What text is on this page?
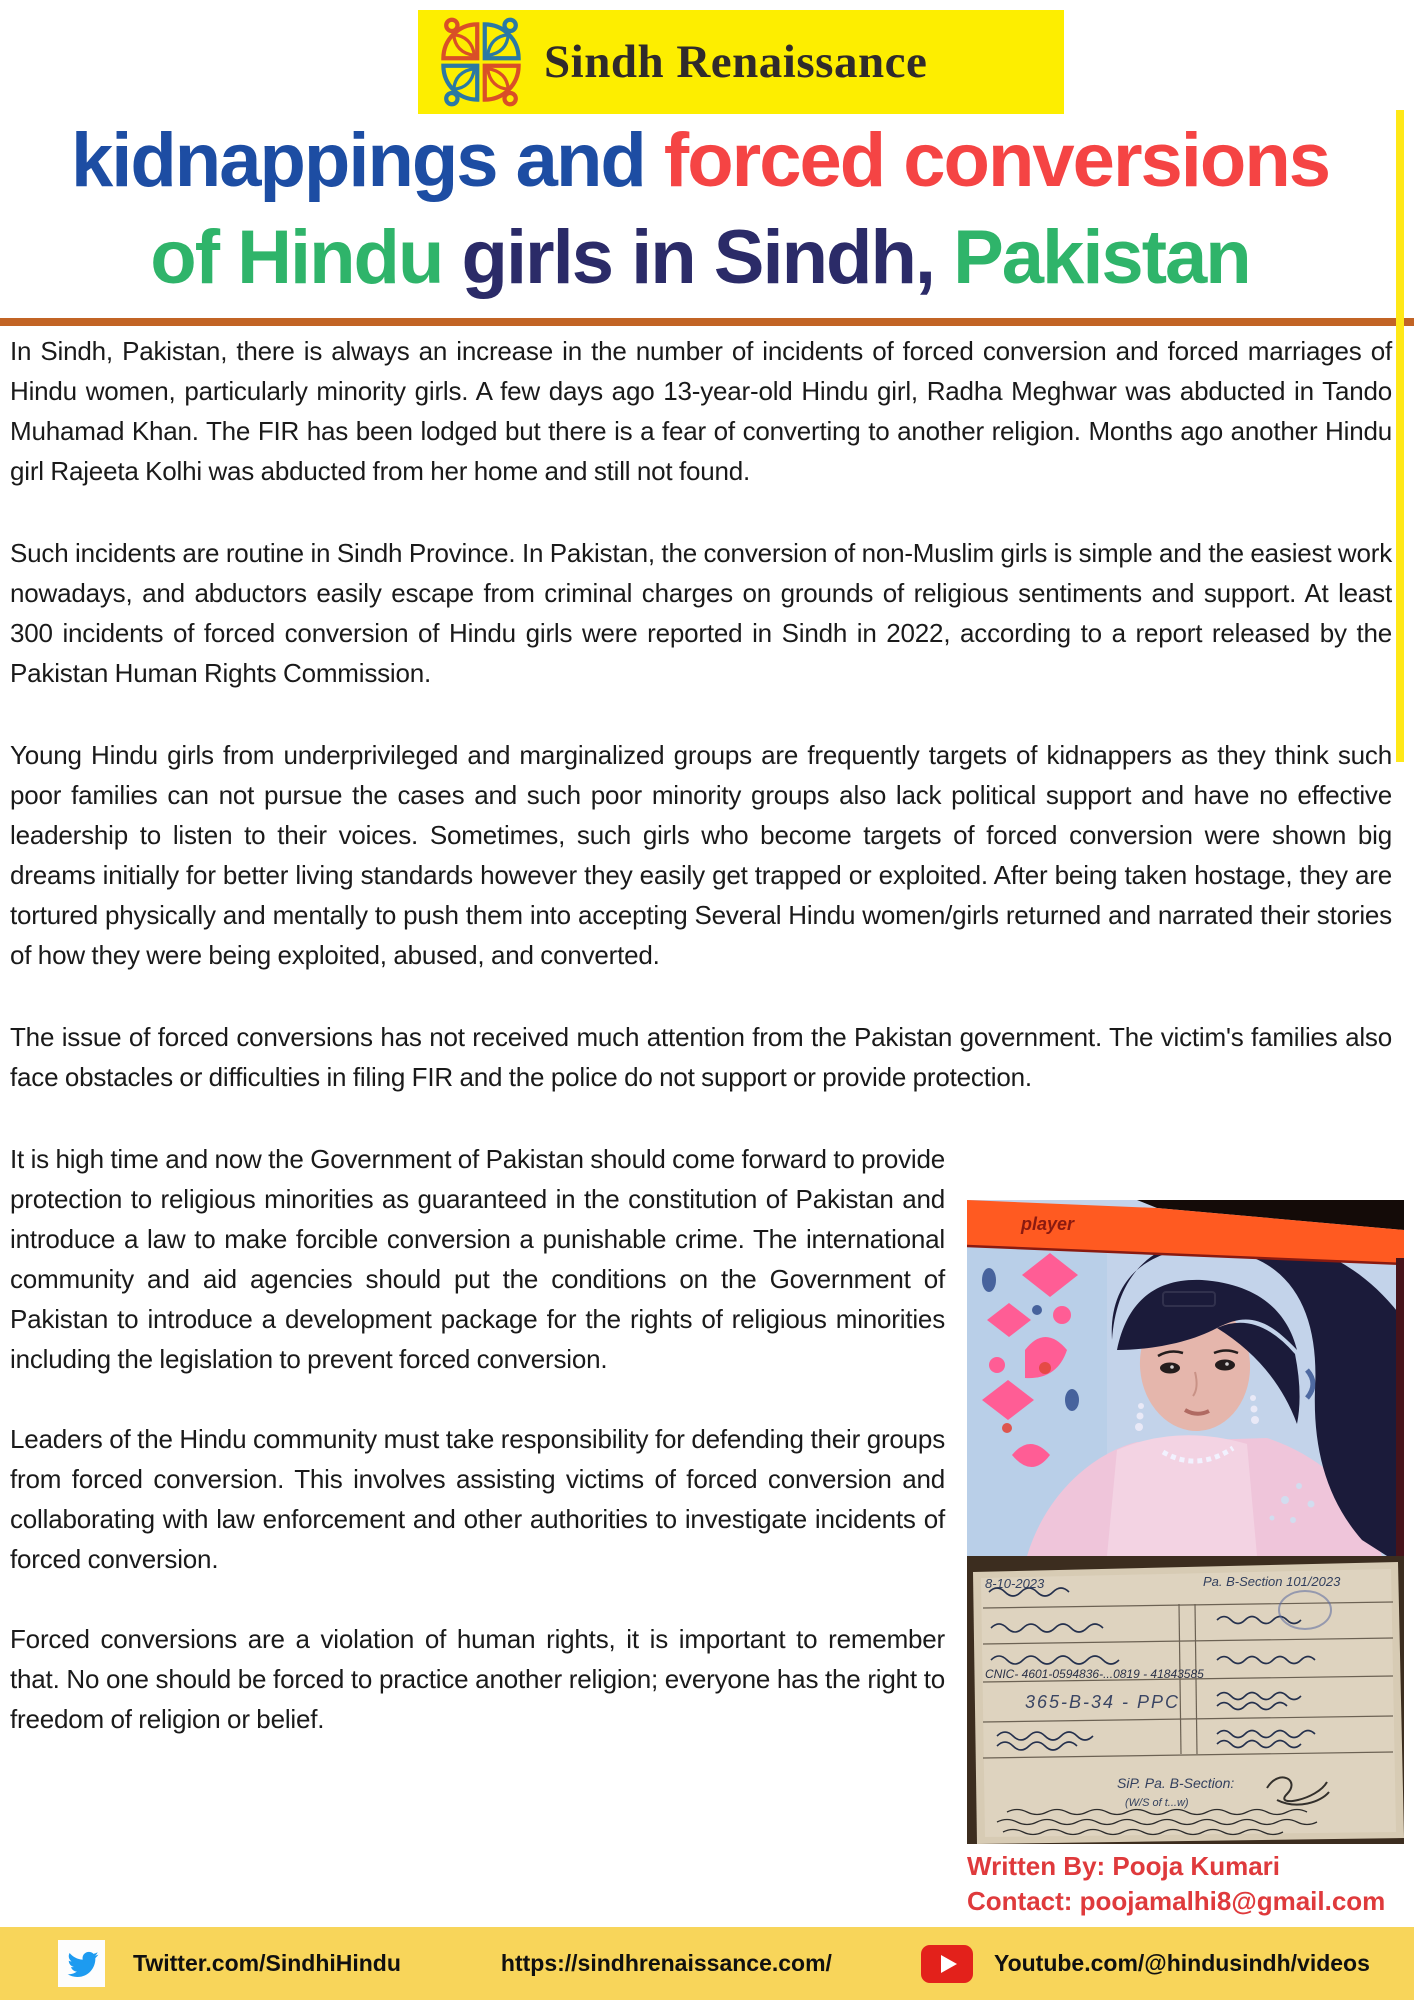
Sindh Renaissance
kidnappings and forced conversions
of Hindu girls in Sindh, Pakistan

In Sindh, Pakistan, there is always an increase in the number of incidents of forced conversion and forced marriages of Hindu women, particularly minority girls. A few days ago 13-year-old Hindu girl, Radha Meghwar was abducted in Tando Muhamad Khan. The FIR has been lodged but there is a fear of converting to another religion. Months ago another Hindu girl Rajeeta Kolhi was abducted from her home and still not found.

Such incidents are routine in Sindh Province. In Pakistan, the conversion of non-Muslim girls is simple and the easiest work nowadays, and abductors easily escape from criminal charges on grounds of religious sentiments and support. At least 300 incidents of forced conversion of Hindu girls were reported in Sindh in 2022, according to a report released by the Pakistan Human Rights Commission.

Young Hindu girls from underprivileged and marginalized groups are frequently targets of kidnappers as they think such poor families can not pursue the cases and such poor minority groups also lack political support and have no effective leadership to listen to their voices. Sometimes, such girls who become targets of forced conversion were shown big dreams initially for better living standards however they easily get trapped or exploited. After being taken hostage, they are tortured physically and mentally to push them into accepting Several Hindu women/girls returned and narrated their stories of how they were being exploited, abused, and converted.

The issue of forced conversions has not received much attention from the Pakistan government. The victim's families also face obstacles or difficulties in filing FIR and the police do not support or provide protection.

It is high time and now the Government of Pakistan should come forward to provide protection to religious minorities as guaranteed in the constitution of Pakistan and introduce a law to make forcible conversion a punishable crime. The international community and aid agencies should put the conditions on the Government of Pakistan to introduce a development package for the rights of religious minorities including the legislation to prevent forced conversion.

Leaders of the Hindu community must take responsibility for defending their groups from forced conversion. This involves assisting victims of forced conversion and collaborating with law enforcement and other authorities to investigate incidents of forced conversion.

Forced conversions are a violation of human rights, it is important to remember that. No one should be forced to practice another religion; everyone has the right to freedom of religion or belief.

player
8-10-2023	Pa. B-Section 101/2023
CNIC- 4601-0594836-...0819 - 41843585
365-B-34 - PPC
SiP. Pa. B-Section:
(W/S of t...w)
Written By: Pooja Kumari
Contact: poojamalhi8@gmail.com
Twitter.com/SindhiHindu	https://sindhrenaissance.com/	Youtube.com/@hindusindh/videos
